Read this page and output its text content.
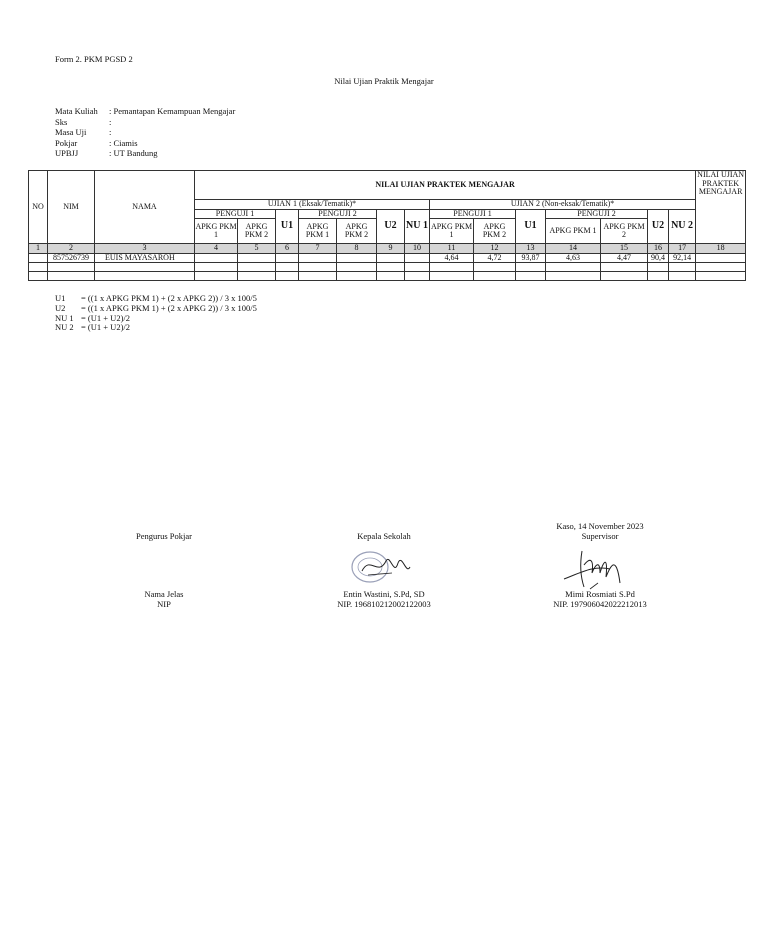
Form 2. PKM PGSD 2
Nilai Ujian Praktik Mengajar
Mata Kuliah	: Pemantapan Kemampuan Mengajar
Sks	:
Masa Uji	:
Pokjar	: Ciamis
UPBJJ	: UT Bandung
NO	NIM	NAMA	NILAI UJIAN PRAKTEK MENGAJAR														NILAI UJIAN PRAKTEK MENGAJAR
			UJIAN 1 (Eksak/Tematik)*							UJIAN 2 (Non-eksak/Tematik)*							
			PENGUJI 1		U1	PENGUJI 2		U2	NU 1	PENGUJI 1		U1	PENGUJI 2		U2	NU 2	
			APKG PKM 1	APKG PKM 2		APKG PKM 1	APKG PKM 2			APKG PKM 1	APKG PKM 2		APKG PKM 1	APKG PKM 2			
1	2	3	4	5	6	7	8	9	10	11	12	13	14	15	16	17	18
	857526739	EUIS MAYASAROH								4,64	4,72	93,87	4,63	4,47	90,4	92,14	

U1	= ((1 x APKG PKM 1) + (2 x APKG 2)) / 3 x 100/5
U2	= ((1 x APKG PKM 1) + (2 x APKG 2)) / 3 x 100/5
NU 1 = (U1 + U2)/2
NU 2 = (U1 + U2)/2
Pengurus Pokjar
Nama Jelas
NIP
Kepala Sekolah
Entin Wastini, S.Pd, SD
NIP. 196810212002122003
Kaso, 14 November 2023
Supervisor
Mimi Rosmiati S.Pd
NIP. 197906042022212013
